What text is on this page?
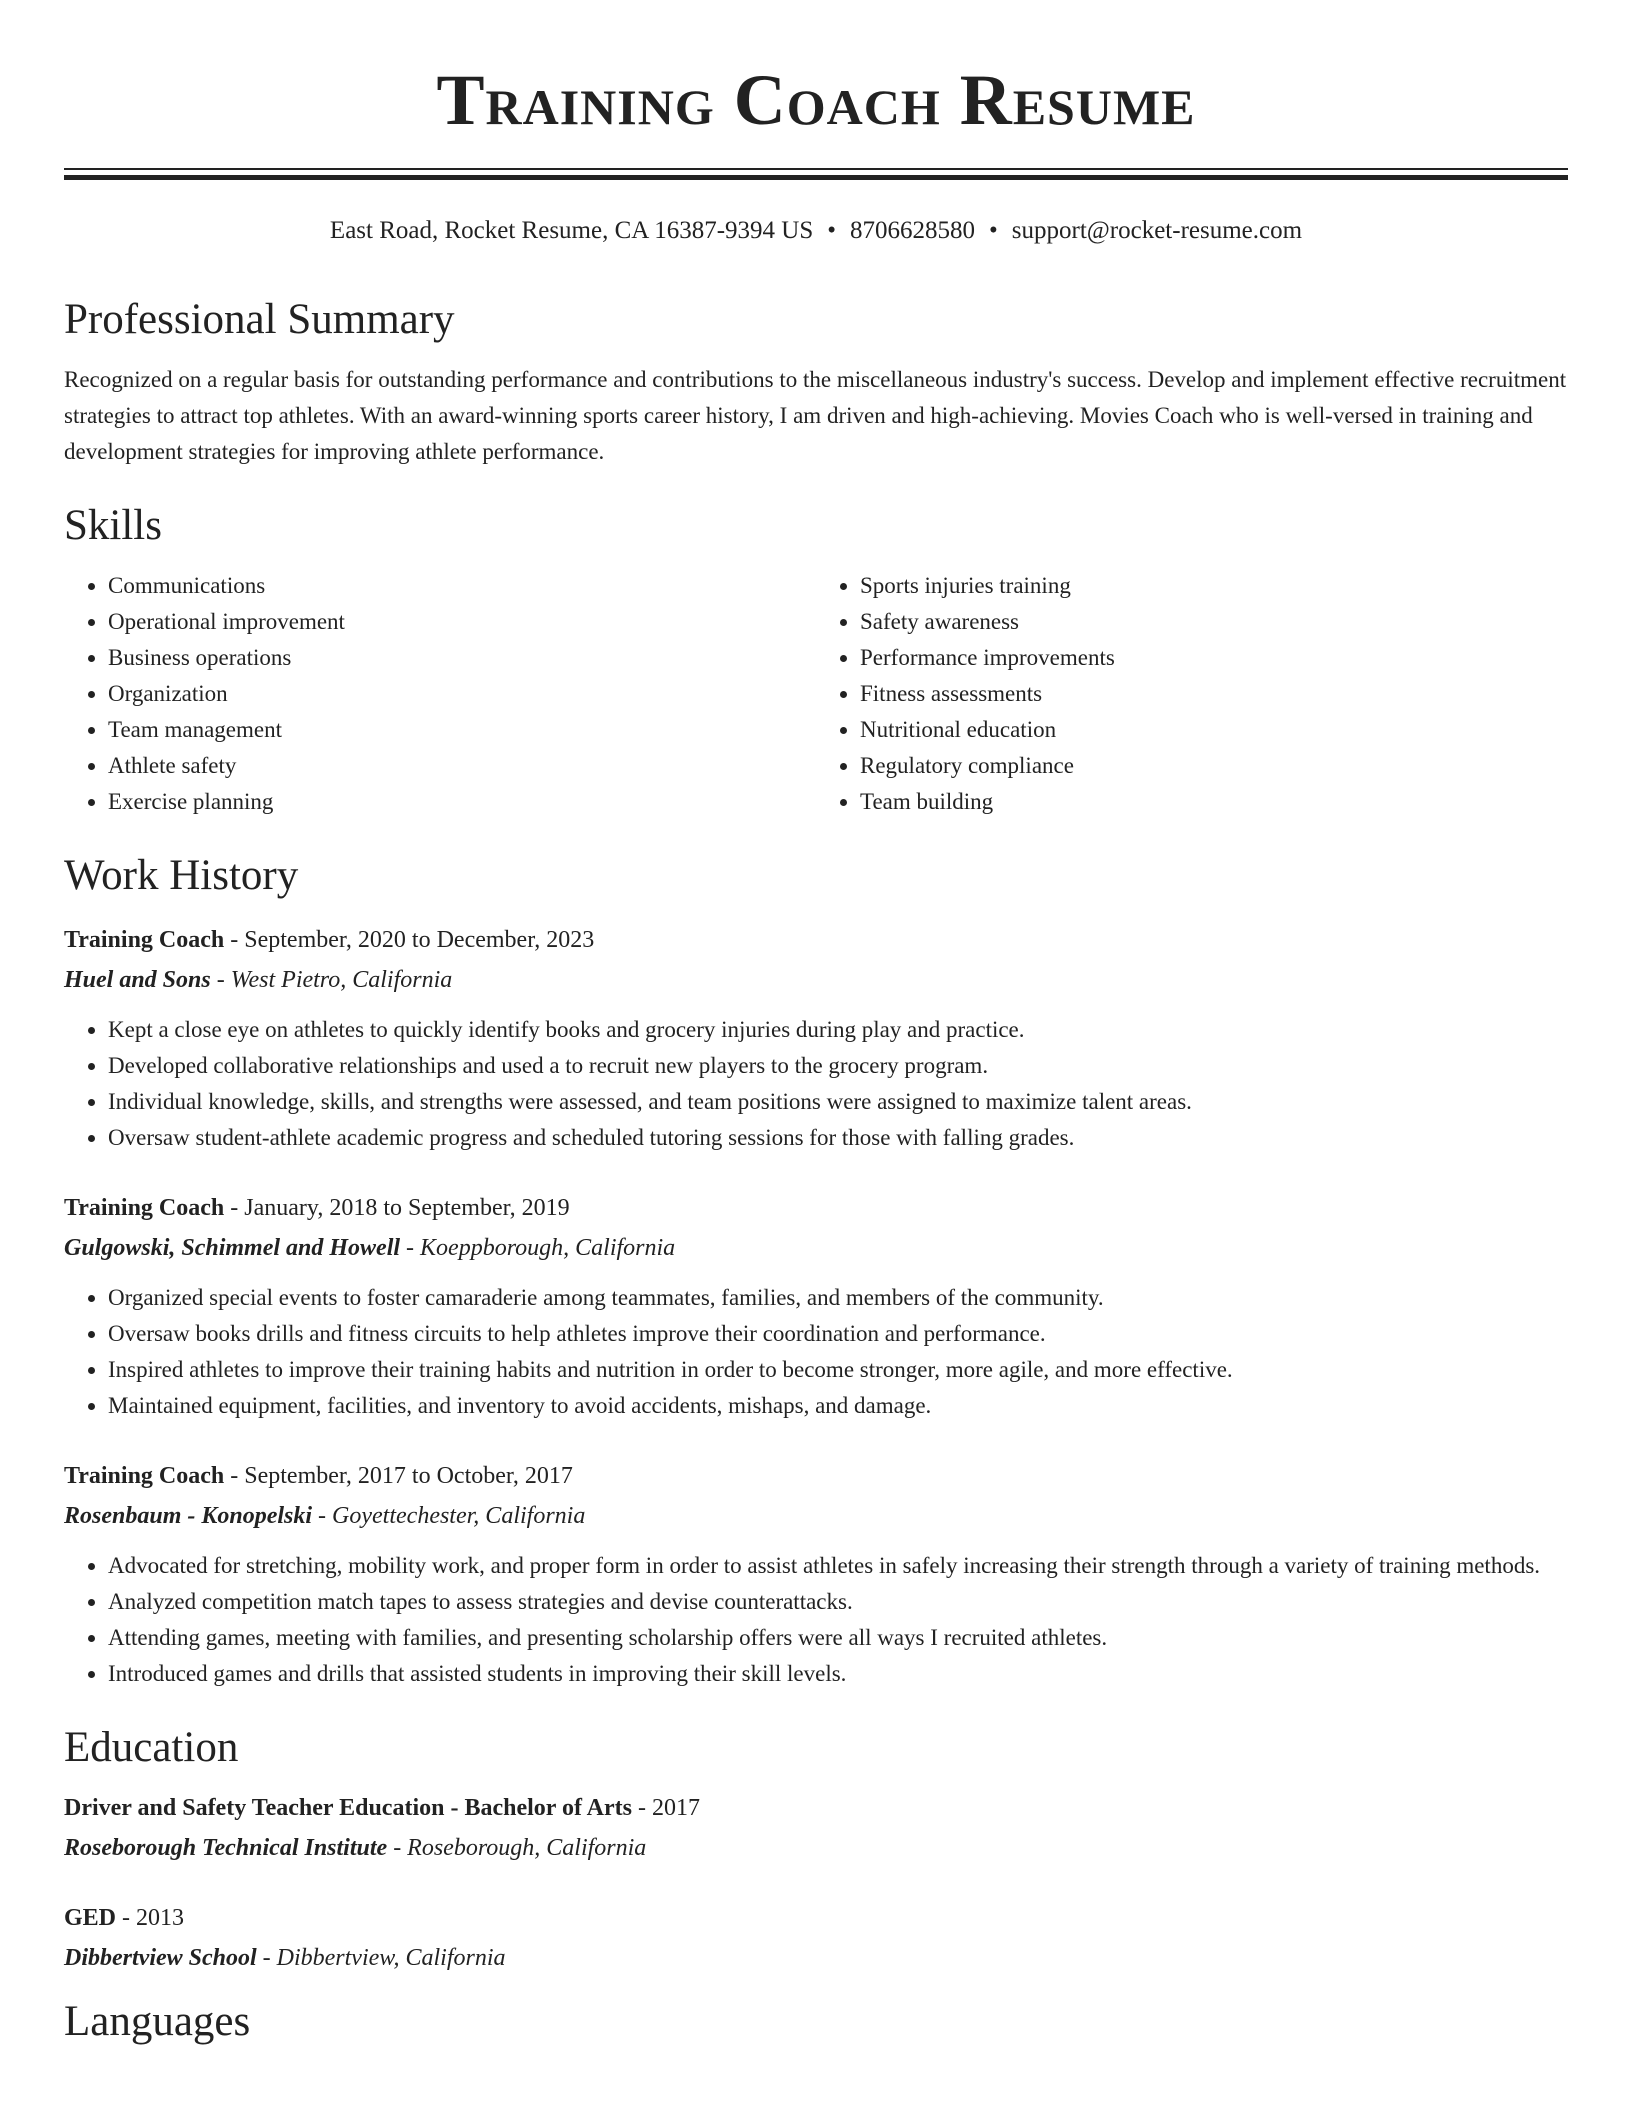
Training Coach Resume
East Road, Rocket Resume, CA 16387-9394 US • 8706628580 • support@rocket-resume.com
Professional Summary

Recognized on a regular basis for outstanding performance and contributions to the miscellaneous industry's success. Develop and implement effective recruitment strategies to attract top athletes. With an award-winning sports career history, I am driven and high-achieving. Movies Coach who is well-versed in training and development strategies for improving athlete performance.

Skills
• Communications
• Operational improvement
• Business operations
• Organization
• Team management
• Athlete safety
• Exercise planning
• Sports injuries training
• Safety awareness
• Performance improvements
• Fitness assessments
• Nutritional education
• Regulatory compliance
• Team building
Work History
Training Coach - September, 2020 to December, 2023
Huel and Sons - West Pietro, California
• Kept a close eye on athletes to quickly identify books and grocery injuries during play and practice.
• Developed collaborative relationships and used a to recruit new players to the grocery program.
• Individual knowledge, skills, and strengths were assessed, and team positions were assigned to maximize talent areas.
• Oversaw student-athlete academic progress and scheduled tutoring sessions for those with falling grades.
Training Coach - January, 2018 to September, 2019
Gulgowski, Schimmel and Howell - Koeppborough, California
• Organized special events to foster camaraderie among teammates, families, and members of the community.
• Oversaw books drills and fitness circuits to help athletes improve their coordination and performance.
• Inspired athletes to improve their training habits and nutrition in order to become stronger, more agile, and more effective.
• Maintained equipment, facilities, and inventory to avoid accidents, mishaps, and damage.
Training Coach - September, 2017 to October, 2017
Rosenbaum - Konopelski - Goyettechester, California
• Advocated for stretching, mobility work, and proper form in order to assist athletes in safely increasing their strength through a variety of training methods.
• Analyzed competition match tapes to assess strategies and devise counterattacks.
• Attending games, meeting with families, and presenting scholarship offers were all ways I recruited athletes.
• Introduced games and drills that assisted students in improving their skill levels.
Education
Driver and Safety Teacher Education - Bachelor of Arts - 2017
Roseborough Technical Institute - Roseborough, California
GED - 2013
Dibbertview School - Dibbertview, California
Languages
